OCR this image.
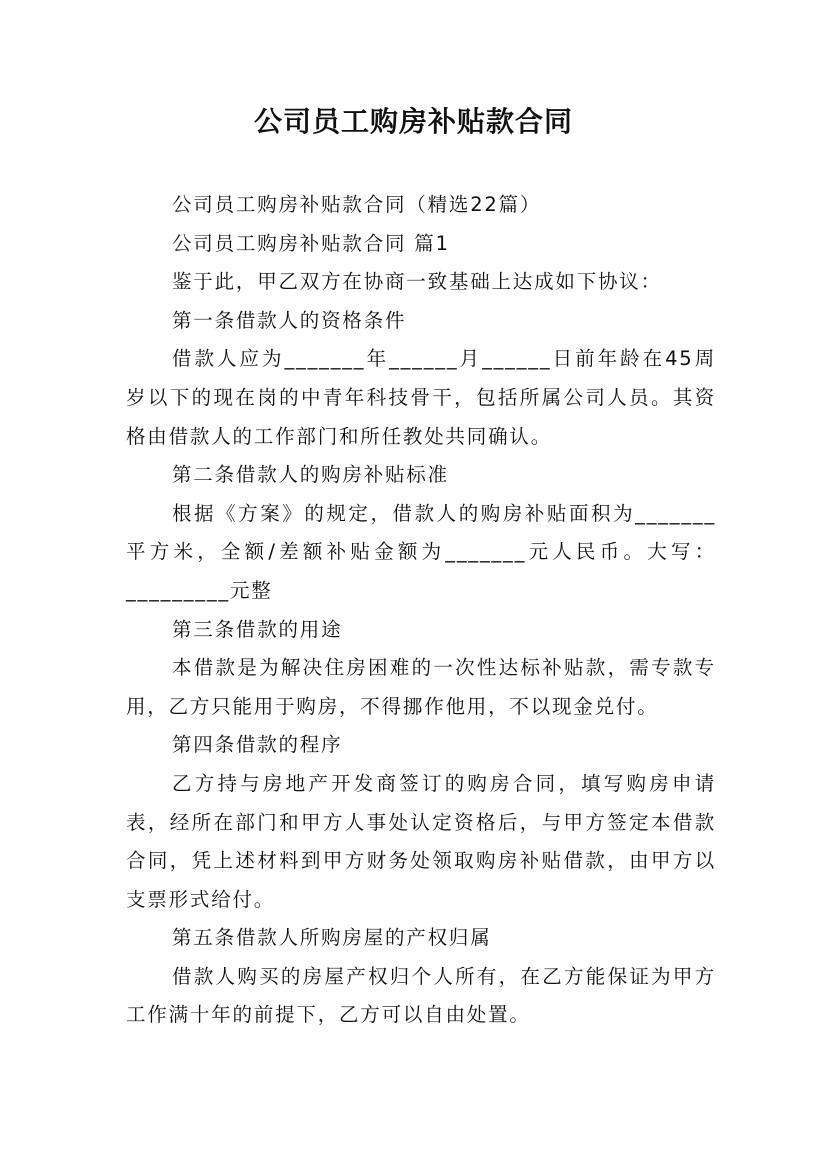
公司员工购房补贴款合同

公司员工购房补贴款合同（精选22篇）

公司员工购房补贴款合同 篇1

鉴于此，甲乙双方在协商一致基础上达成如下协议：

第一条借款人的资格条件

借款人应为_______年______月______日前年龄在45周岁以下的现在岗的中青年科技骨干，包括所属公司人员。其资格由借款人的工作部门和所任教处共同确认。

第二条借款人的购房补贴标准

根据《方案》的规定，借款人的购房补贴面积为_______平方米，全额/差额补贴金额为_______元人民币。大写：_________元整

第三条借款的用途

本借款是为解决住房困难的一次性达标补贴款，需专款专用，乙方只能用于购房，不得挪作他用，不以现金兑付。

第四条借款的程序

乙方持与房地产开发商签订的购房合同，填写购房申请表，经所在部门和甲方人事处认定资格后，与甲方签定本借款合同，凭上述材料到甲方财务处领取购房补贴借款，由甲方以支票形式给付。

第五条借款人所购房屋的产权归属

借款人购买的房屋产权归个人所有，在乙方能保证为甲方工作满十年的前提下，乙方可以自由处置。
